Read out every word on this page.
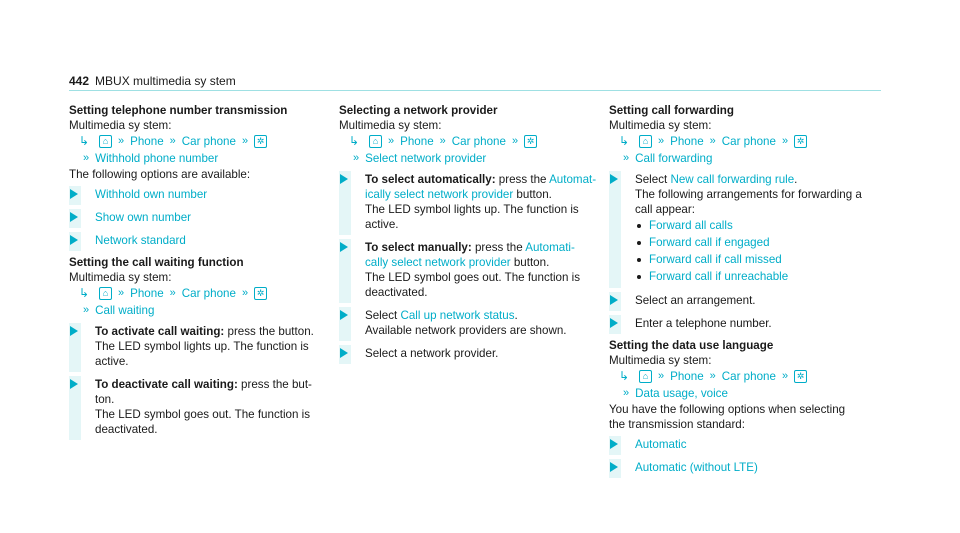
442 MBUX multimedia sy stem
Setting telephone number transmission
Multimedia sy stem:
↳	⌂ » Phone » Car phone » ✲
» Withhold phone number
The following options are available:
Withhold own number
Show own number
Network standard
Setting the call waiting function
Multimedia sy stem:
↳	⌂ » Phone » Car phone » ✲
» Call waiting
To activate call waiting: press the button.
The LED symbol lights up. The function is
active.
To deactivate call waiting: press the but-
ton.
The LED symbol goes out. The function is
deactivated.
Selecting a network provider
Multimedia sy stem:
↳	⌂ » Phone » Car phone » ✲
» Select network provider
To select automatically: press the Automat-
ically select network provider button.
The LED symbol lights up. The function is
active.
To select manually: press the Automati-
cally select network provider button.
The LED symbol goes out. The function is
deactivated.
Select Call up network status.
Available network providers are shown.
Select a network provider.
Setting call forwarding
Multimedia sy stem:
↳	⌂ » Phone » Car phone » ✲
» Call forwarding
Select New call forwarding rule.
The following arrangements for forwarding a
call appear:
Forward all calls
Forward call if engaged
Forward call if call missed
Forward call if unreachable
Select an arrangement.
Enter a telephone number.
Setting the data use language
Multimedia sy stem:
↳	⌂ » Phone » Car phone » ✲
» Data usage, voice
You have the following options when selecting
the transmission standard:
Automatic
Automatic (without LTE)
